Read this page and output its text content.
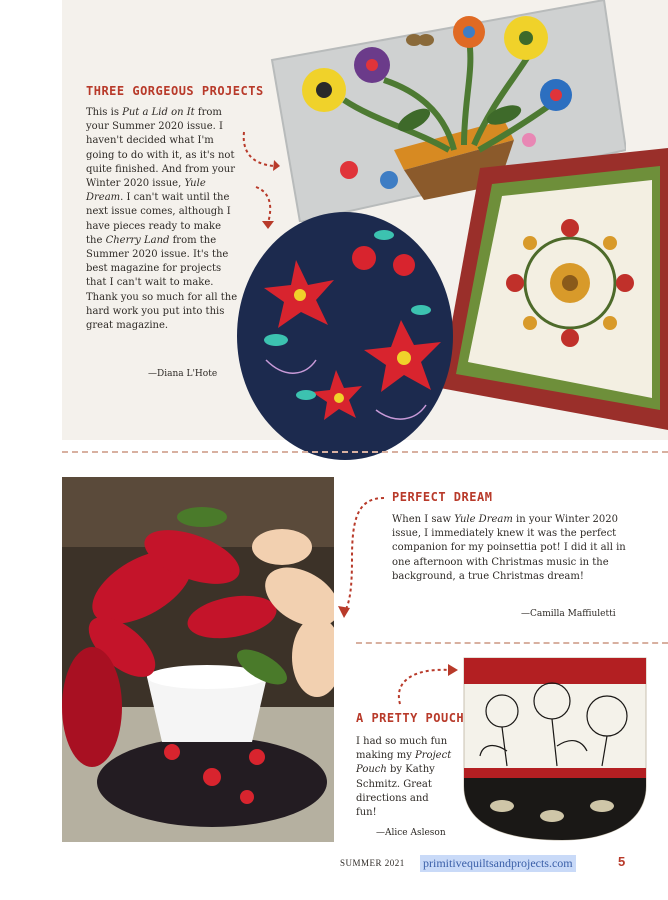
THREE GORGEOUS PROJECTS
This is Put a Lid on It from your Summer 2020 issue. I haven't decided what I'm going to do with it, as it's not quite finished. And from your Winter 2020 issue, Yule Dream. I can't wait until the next issue comes, although I have pieces ready to make the Cherry Land from the Summer 2020 issue. It's the best magazine for projects that I can't wait to make. Thank you so much for all the hard work you put into this great magazine.
—Diana L'Hote
PERFECT DREAM
When I saw Yule Dream in your Winter 2020 issue, I immediately knew it was the perfect companion for my poinsettia pot! I did it all in one afternoon with Christmas music in the background, a true Christmas dream!
—Camilla Maffiuletti
A PRETTY POUCH
I had so much fun making my Project Pouch by Kathy Schmitz. Great directions and fun!
—Alice Asleson
SUMMER 2021 primitivequiltsandprojects.com	5
